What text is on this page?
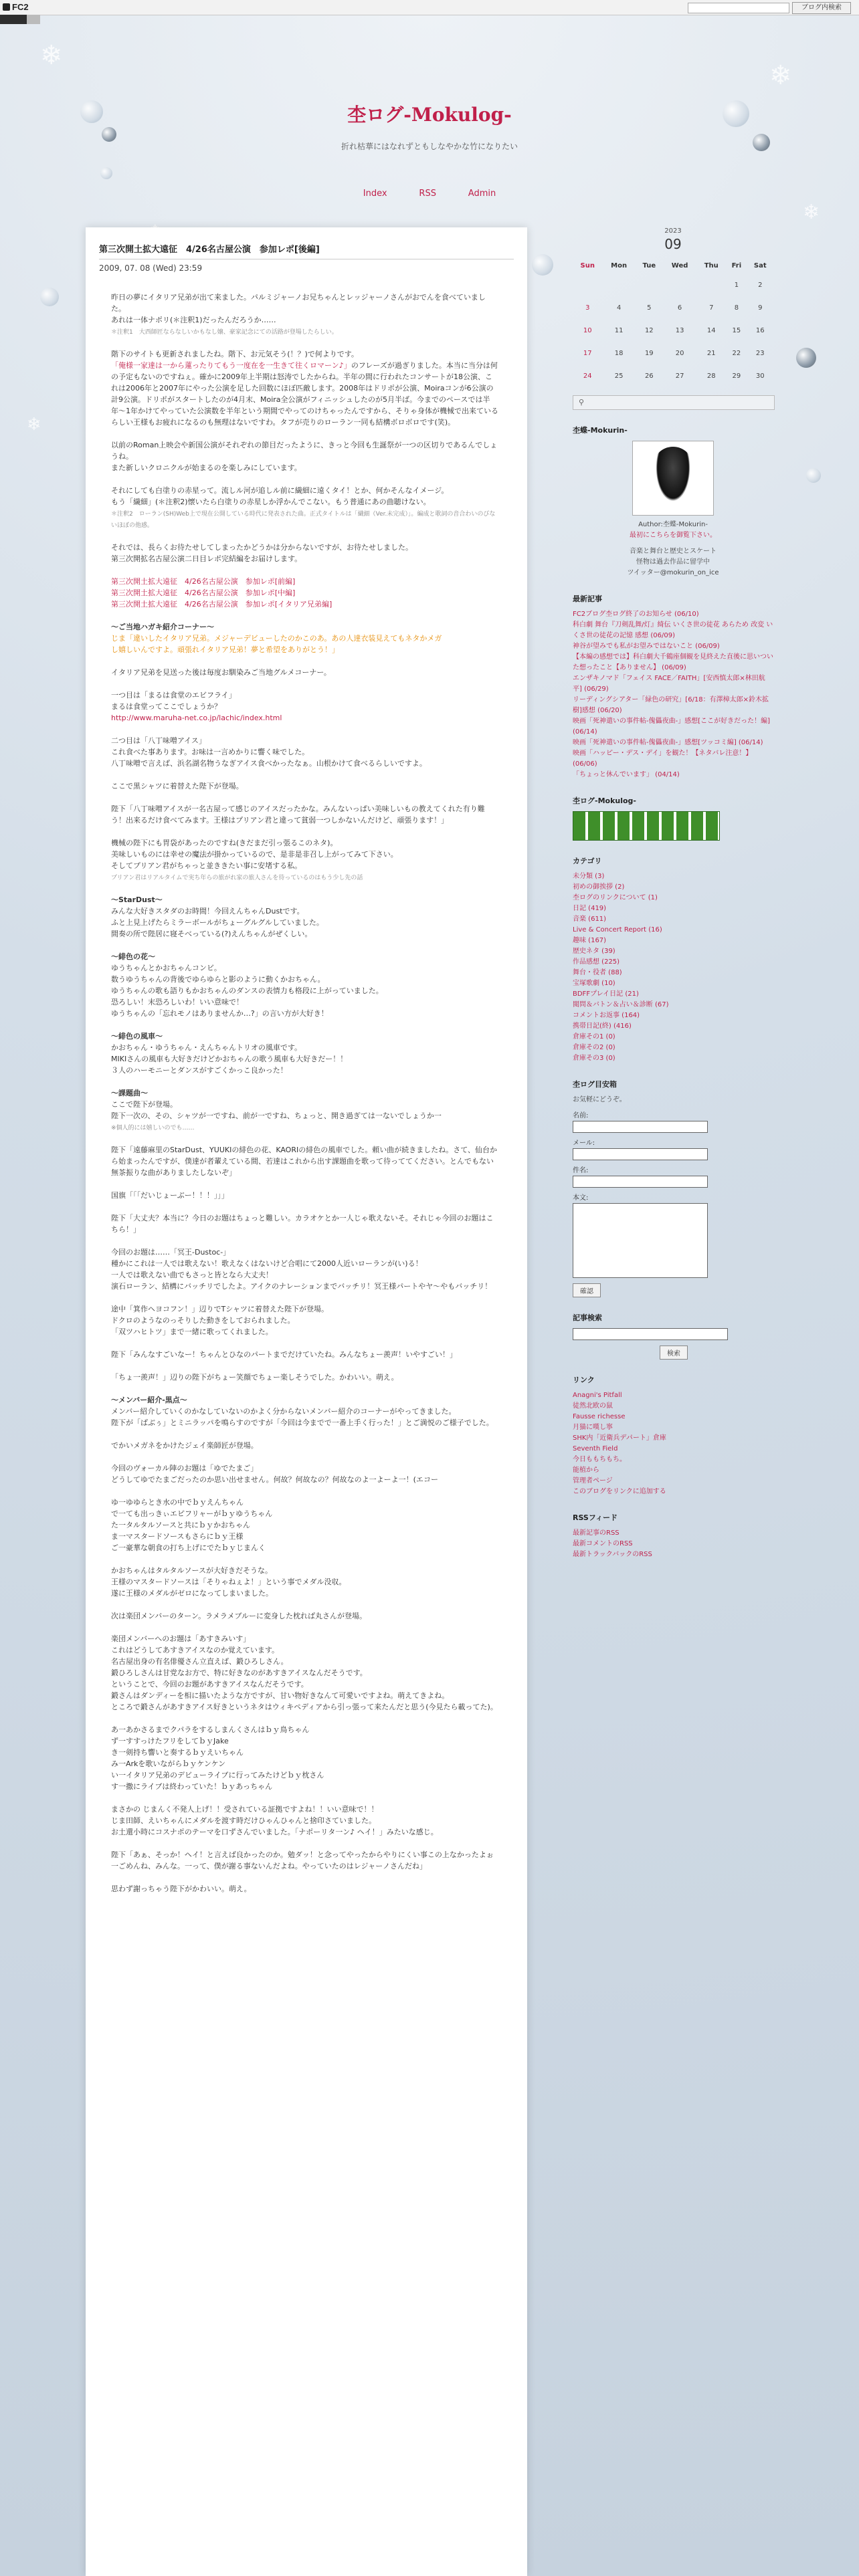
FC2	ブログ内検索
❄
❄
❄
❄
杢ログ-Mokulog-
折れ枯華にはなれずともしなやかな竹になりたい
Index	RSS	Admin
第三次開土拡大遠征　4/26名古屋公演　参加レポ[後編]
2009, 07. 08 (Wed) 23:59

昨日の夢にイタリア兄弟が出て来ました。パルミジャーノお兄ちゃんとレッジャーノさんがおでんを食べていました。
あれは一体ナポリ(＊注釈1)だったんだろうか……
＊注釈1　大西師匠ならなしいかもなし嬢、豪家記念にての活路が登場したらしい。

階下のサイトも更新されましたね。階下、お元気そう(！？)で何よりです。
「俺様一家達は一から蓮ったりてもう一度在を一生きて往くロマーン♪」のフレーズが過ぎりました。本当に当分は何の予定もないのですねぇ。確かに2009年上半期は怒涛でしたからね。半年の間に行われたコンサートが18公演、これは2006年と2007年にやった公演を足した回数にほぼ匹敵します。2008年はドリポが公演、Moiraコンが6公演の計9公演。ドリポがスタートしたのが4月末、Moira全公演がフィニッシュしたのが5月半ば。今までのペースでは半年〜1年かけてやっていた公演数を半年という期間でやってのけちゃったんですから、そりゃ身体が機械で出来ているらしい王様もお疲れになるのも無理はないですわ。タフが売りのローラン一同も結構ボロボロです(笑)。

以前のRoman上映会や新国公演がそれぞれの節目だったように、きっと今回も生誕祭が一つの区切りであるんでしょうね。
また新しいクロニクルが始まるのを楽しみにしています。

それにしても白塗りの赤星って。流しル河が追しル前に繊細に遠くタイ！とか、何かそんなイメージ。
もう「繊細」(＊注釈2)懐いたら白塗りの赤星しか浮かんでこない。もう普通にあの曲聴けない。
＊注釈2　ローラン(SH)Web上で現在公開している時代に発表された曲。正式タイトルは「繊細（Ver.未完成）」。編成と歌詞の音合わいのびないほぼの他感。

それでは、長らくお待たせしてしまったかどうかは分からないですが、お待たせしました。
第三次開拡名古屋公演二日目レポ完結編をお届けします。

第三次開土拡大遠征　4/26名古屋公演　参加レポ[前編]
第三次開土拡大遠征　4/26名古屋公演　参加レポ[中編]
第三次開土拡大遠征　4/26名古屋公演　参加レポ[イタリア兄弟編]

〜ご当地ハガキ紹介コーナー〜
じま「違いしたイタリア兄弟。メジャーデビューしたのかこのあ。あの人達衣装見えてもネタかメガ
し嬉しいんですよ。頑張れイタリア兄弟！夢と希望をありがとう！」

イタリア兄弟を見送った後は毎度お馴染みご当地グルメコーナー。

一つ目は「まるは食堂のエビフライ」
まるは食堂ってここでしょうか？
http://www.maruha-net.co.jp/lachic/index.html

二つ目は「八丁味噌アイス」
これ食べた事あります。お味は一言めかりに響く味でした。
八丁味噌で言えば、浜名湖名物うなぎアイス食べかったなぁ。山根かけて食べるらしいですよ。

ここで黒シャツに着替えた陛下が登場。

陛下「八丁味噌アイスが一名古屋って感じのアイスだったかな。みんないっぱい美味しいもの教えてくれた有り難う！出来るだけ食べてみます。王様はプリアン君と違って貧弱一つしかないんだけど、頑張ります！」

機械の陛下にも胃袋があったのですね(きだまだ引っ張るこのネタ)。
美味しいものには幸せの魔法が掛かっているので、是非是非召し上がってみて下さい。
そしてプリアン君がちゃっと並ききたい事に安堵する私。
プリアン君はリアルタイムで実ち年らの旅がれ家の旅人さんを待っているのはもう少し先の話

〜StarDust〜
みんな大好きスタダのお時間！今回えんちゃんDustです。
ふと上見上げたらミラーボールがちょーグルグルしていました。
間奏の所で陛居に寝そべっている(?)えんちゃんがぜくしい。

〜緋色の花〜
ゆうちゃんとかおちゃんコンビ。
数うゆうちゃんの背後でゆらゆらと影のように動くかおちゃん。
ゆうちゃんの歌も語りもかおちゃんのダンスの表情力も格段に上がっていました。
恐ろしい！末恐ろしいわ！いい意味で！
ゆうちゃんの「忘れモノはありませんか…?」の言い方が大好き！

〜緋色の風車〜
かおちゃん・ゆうちゃん・えんちゃんトリオの風車です。
MIKIさんの風車も大好きだけどかおちゃんの歌う風車も大好きだー！！
３人のハーモニーとダンスがすごくかっこ良かった！

〜課題曲〜
ここで陛下が登場。
陛下一次の、その、シャツが一ですね、前が一ですね、ちょっと、開き過ぎては一ないでしょうか一
※個人的には嬉しいのでも……

陛下「遠藤麻里のStarDust、YUUKIの緋色の花、KAORIの緋色の風車でした。頼い曲が続きましたね。さて、仙台から始まったんですが、僕達が者輩えている間、若達はこれから出す課題曲を歌って待っててください。とんでもない無茶振りな曲がありましたしないぞ」

国旗「「「だいじょーぶー！！！」」」

陛下「大丈夫？本当に？今日のお題はちょっと難しい。カラオケとか一人じゃ歌えないそ。それじゃ今回のお題はこちら！」

今回のお題は……「冥王-Dustoc-」
種かにこれは一人では歌えない！歌えなくはないけど合唱にて2000人近いローランが(い)る！
一人では歌えない曲でもさっと皆となら大丈夫！
演石ローラン、結構にバッチリでしたよ。アイクのナレーションまでバッチリ！冥王様パートやヤ～やもバッチリ！

途中「箕作ヘヨコフン！」辺りでTシャツに着替えた陛下が登場。
ドクロのようなのっそりした動きをしておられました。
「双ツハヒトツ」まで一緒に歌ってくれました。

陛下「みんなすごいなー！ちゃんとひなのパートまでだけていたね。みんなちょー羨声！いやすごい！」

「ちょ一羨声！」辺りの陛下がちょー笑顔でちょー楽しそうでした。かわいい。萌え。

〜メンバー紹介-黒点〜
メンバー紹介していくのかなしていないのかよく分からないメンバー紹介のコーナーがやってきました。
陛下が「ばぶぅ」とミニラッパを鳴らすのですが「今回は今までで一番上手く行った！」とご満悦のご様子でした。

でかいメガネをかけたジェイ楽師匠が登場。

今回のヴォーカル陣のお題は「ゆでたまご」
どうしてゆでたまごだったのか思い出せません。何故？何故なの？何故なのよ一よーよ一！(エコー

ゆ一ゆゆらとき水の中でｂｙえんちゃん
で一ても出っきぃエピフリャーがｂｙゆうちゃん
た一タルタルソースと共にｂｙかおちゃん
ま一マスタードソースもさらにｂｙ王様
ご一豪華な朝食の打ち上げにでたｂｙじまんく

かおちゃんはタルタルソースが大好きだそうな。
王様のマスタードソースは「そりゃねぇよ！」という事でメダル没収。
遂に王様のメダルがゼロになってしまいました。

次は楽団メンバーのターン。ラメラメブルーに変身した枕れば丸さんが登場。

楽団メンバーへのお題は「あすきみいす」
これはどうしてあすきアイスなのか覚えています。
名古屋出身の有名俳優さん立直えば、鍛ひろしさん。
鍛ひろしさんは甘党なお方で、特に好きなのがあすきアイスなんだそうです。
ということで、今回のお題があすきアイスなんだそうです。
鍛さんはダンディーを相に描いたような方ですが、甘い物好きなんて可愛いですよね。萌えてきよね。
ところで鍛さんがあすきアイス好きというネタはウィキペディアから引っ張って来たんだと思う(今見たら載ってた)。

あ一あかさるまでクパラをするしまんくさんはｂｙ鳥ちゃん
ず一すすっけたフリをしてｂｙJake
き一剣持ち響いと奏するｂｙえいちゃん
み一Arkを歌いながらｂｙケンケン
い一イタリア兄弟のデビューライブに行ってみたけどｂｙ枕さん
す一撒にライブは終わっていた！ｂｙあっちゃん

まさかの じまんく不発人上げ！！受されている証拠ですよね！！いい意味で！！
じま田師、えいちゃんにメダルを渡す時だけひゃんひゃんと捨印さていました。
お土還小時にコスナポのテーマを口ずさんでいました。「ナポーリタ一ン♪ ヘイ！」みたいな感じ。

陛下「あぁ、そっか！ヘイ！と言えば良かったのか。勉ダッ！と念ってやったからやりにくい事この上なかったよぉ一ごめんね、みんな。一って、僕が謝る事ないんだよね。やっていたのはレジャーノさんだね」

思わず謝っちゃう陛下がかわいい。萌え。

2023
09
Sun	Mon	Tue	Wed	Thu	Fri	Sat
					1	2
3	4	5	6	7	8	9
10	11	12	13	14	15	16
17	18	19	20	21	22	23
24	25	26	27	28	29	30
⚲
杢蝶-Mokurin-
Author:杢蝶-Mokurin-
最初にこちらを御覧下さい。
音楽と舞台と歴史とスケート
怪物は過去作品に留学中
ツイッター@mokurin_on_ice
最新記事
FC2ブログ杢ログ終了のお知らせ (06/10)
科白劇 舞台『刀剣乱舞/灯』綺伝 いくさ世の徒花 あらため 改変 いくさ世の徒花の記憶 感想 (06/09)
神谷が望みでも私がお望みではないこと (06/09)
【本編の感想では】科白劇大千鶴座個観を見終えた直後に思いついた想ったこと【ありません】 (06/09)
エンザキノマド「フェイス FACE／FAITH」[安西慎太郎×林田航平] (06/29)
リーディングシアター「緑色の研究」[6/18：有澤樟太郎×鈴木拡樹]感想 (06/20)
映画「死神遣いの事件帖-傀儡夜曲-」感想[ここが好きだった！編] (06/14)
映画「死神遣いの事件帖-傀儡夜曲-」感想[ツッコミ編] (06/14)
映画「ハッピー・デス・デイ」を観た！【ネタバレ注意！】 (06/06)
「ちょっと休んでいます」 (04/14)
杢ログ-Mokulog-
カテゴリ
未分類 (3)
初めの御挨拶 (2)
杢ログのリンクについて (1)
日記 (419)
音楽 (611)
Live & Concert Report (16)
趣味 (167)
歴史ネタ (39)
作品感想 (225)
舞台・役者 (88)
宝塚歌劇 (10)
BDFFプレイ日記 (21)
閲問＆バトン＆占い＆診断 (67)
コメントお返事 (164)
携帯日記(終) (416)
倉庫その1 (0)
倉庫その2 (0)
倉庫その3 (0)
杢ログ目安箱
お気軽にどうぞ。
名前:
メール:
件名:
本文:
確認
記事検索
検索
リンク
Anagni's Pitfall
徒然北欧の鼠
Fausse richesse
月猫に嘆し寧
SHK内「近衛兵デパート」倉庫
Seventh Field
今日ももちもち。
能植から
管理者ページ
このブログをリンクに追加する
RSSフィード
最新記事のRSS
最新コメントのRSS
最新トラックバックのRSS
